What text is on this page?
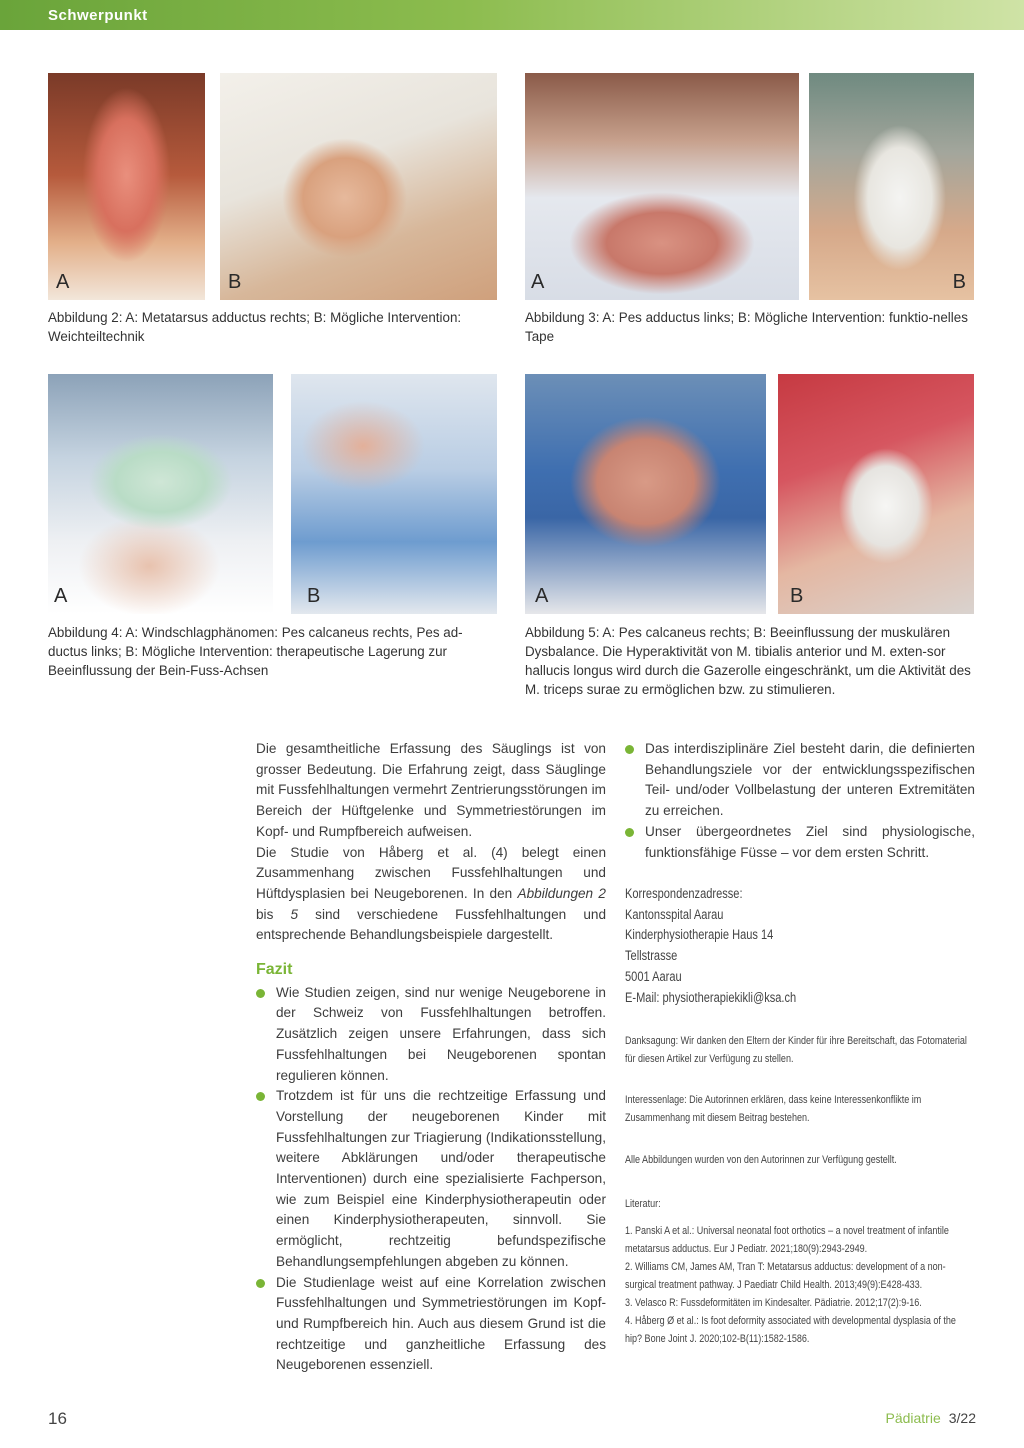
Schwerpunkt
A	B
Abbildung 2: A: Metatarsus adductus rechts; B: Mögliche Intervention: Weichteiltechnik
A	B
Abbildung 3: A: Pes adductus links; B: Mögliche Intervention: funktio-nelles Tape
A	B
Abbildung 4: A: Windschlagphänomen: Pes calcaneus rechts, Pes ad-ductus links; B: Mögliche Intervention: therapeutische Lagerung zur Beeinflussung der Bein-Fuss-Achsen
A	B
Abbildung 5: A: Pes calcaneus rechts; B: Beeinflussung der muskulären Dysbalance. Die Hyperaktivität von M. tibialis anterior und M. exten-sor hallucis longus wird durch die Gazerolle eingeschränkt, um die Aktivität des M. triceps surae zu ermöglichen bzw. zu stimulieren.

Die gesamtheitliche Erfassung des Säuglings ist von grosser Bedeutung. Die Erfahrung zeigt, dass Säuglinge mit Fussfehlhaltungen vermehrt Zentrierungsstörungen im Bereich der Hüftgelenke und Symmetriestörungen im Kopf- und Rumpfbereich aufweisen.

Die Studie von Håberg et al. (4) belegt einen Zusammenhang zwischen Fussfehlhaltungen und Hüftdysplasien bei Neugeborenen. In den Abbildungen 2 bis 5 sind verschiedene Fussfehlhaltungen und entsprechende Behandlungsbeispiele dargestellt.

Fazit
Wie Studien zeigen, sind nur wenige Neugeborene in der Schweiz von Fussfehlhaltungen betroffen. Zusätzlich zeigen unsere Erfahrungen, dass sich Fussfehlhaltungen bei Neugeborenen spontan regulieren können.
Trotzdem ist für uns die rechtzeitige Erfassung und Vorstellung der neugeborenen Kinder mit Fussfehlhaltungen zur Triagierung (Indikationsstellung, weitere Abklärungen und/oder therapeutische Interventionen) durch eine spezialisierte Fachperson, wie zum Beispiel eine Kinderphysiotherapeutin oder einen Kinderphysiotherapeuten, sinnvoll. Sie ermöglicht, rechtzeitig befundspezifische Behandlungsempfehlungen abgeben zu können.
Die Studienlage weist auf eine Korrelation zwischen Fussfehlhaltungen und Symmetriestörungen im Kopf- und Rumpfbereich hin. Auch aus diesem Grund ist die rechtzeitige und ganzheitliche Erfassung des Neugeborenen essenziell.
Das interdisziplinäre Ziel besteht darin, die definierten Behandlungsziele vor der entwicklungsspezifischen Teil- und/oder Vollbelastung der unteren Extremitäten zu erreichen.
Unser übergeordnetes Ziel sind physiologische, funktionsfähige Füsse – vor dem ersten Schritt.

Korrespondenzadresse:

Kantonsspital Aarau

Kinderphysiotherapie Haus 14

Tellstrasse

5001 Aarau

E-Mail: physiotherapiekikli@ksa.ch

Danksagung: Wir danken den Eltern der Kinder für ihre Bereitschaft, das Fotomaterial für diesen Artikel zur Verfügung zu stellen.

Interessenlage: Die Autorinnen erklären, dass keine Interessenkonflikte im Zusammenhang mit diesem Beitrag bestehen.

Alle Abbildungen wurden von den Autorinnen zur Verfügung gestellt.

Literatur:

1. Panski A et al.: Universal neonatal foot orthotics – a novel treatment of infantile metatarsus adductus. Eur J Pediatr. 2021;180(9):2943-2949.

2. Williams CM, James AM, Tran T: Metatarsus adductus: development of a non-surgical treatment pathway. J Paediatr Child Health. 2013;49(9):E428-433.

3. Velasco R: Fussdeformitäten im Kindesalter. Pädiatrie. 2012;17(2):9-16.

4. Håberg Ø et al.: Is foot deformity associated with developmental dysplasia of the hip? Bone Joint J. 2020;102-B(11):1582-1586.

16	Pädiatrie 3/22
